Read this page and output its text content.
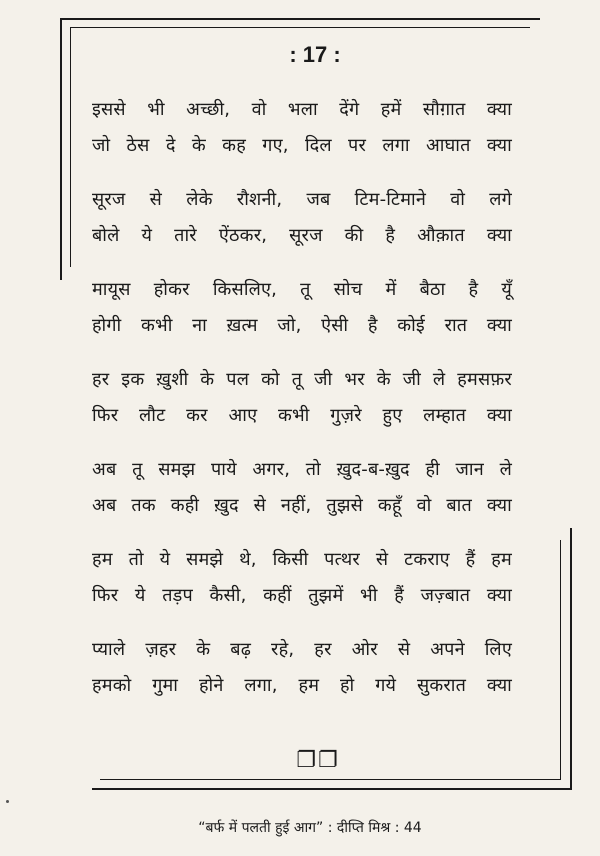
: 17 :
इससे भी अच्छी, वो भला देंगे हमें सौग़ात क्या
जो ठेस दे के कह गए, दिल पर लगा आघात क्या
सूरज से लेके रौशनी, जब टिम-टिमाने वो लगे
बोले ये तारे ऐंठकर, सूरज की है औक़ात क्या
मायूस होकर किसलिए, तू सोच में बैठा है यूँ
होगी कभी ना ख़त्म जो, ऐसी है कोई रात क्या
हर इक ख़ुशी के पल को तू जी भर के जी ले हमसफ़र
फिर लौट कर आए कभी गुज़रे हुए लम्हात क्या
अब तू समझ पाये अगर, तो ख़ुद-ब-ख़ुद ही जान ले
अब तक कही ख़ुद से नहीं, तुझसे कहूँ वो बात क्या
हम तो ये समझे थे, किसी पत्थर से टकराए हैं हम
फिर ये तड़प कैसी, कहीं तुझमें भी हैं जज़्बात क्या
प्याले ज़हर के बढ़ रहे, हर ओर से अपने लिए
हमको गुमा होने लगा, हम हो गये सुकरात क्या
❐❐
“बर्फ में पलती हुई आग” : दीप्ति मिश्र : 44
